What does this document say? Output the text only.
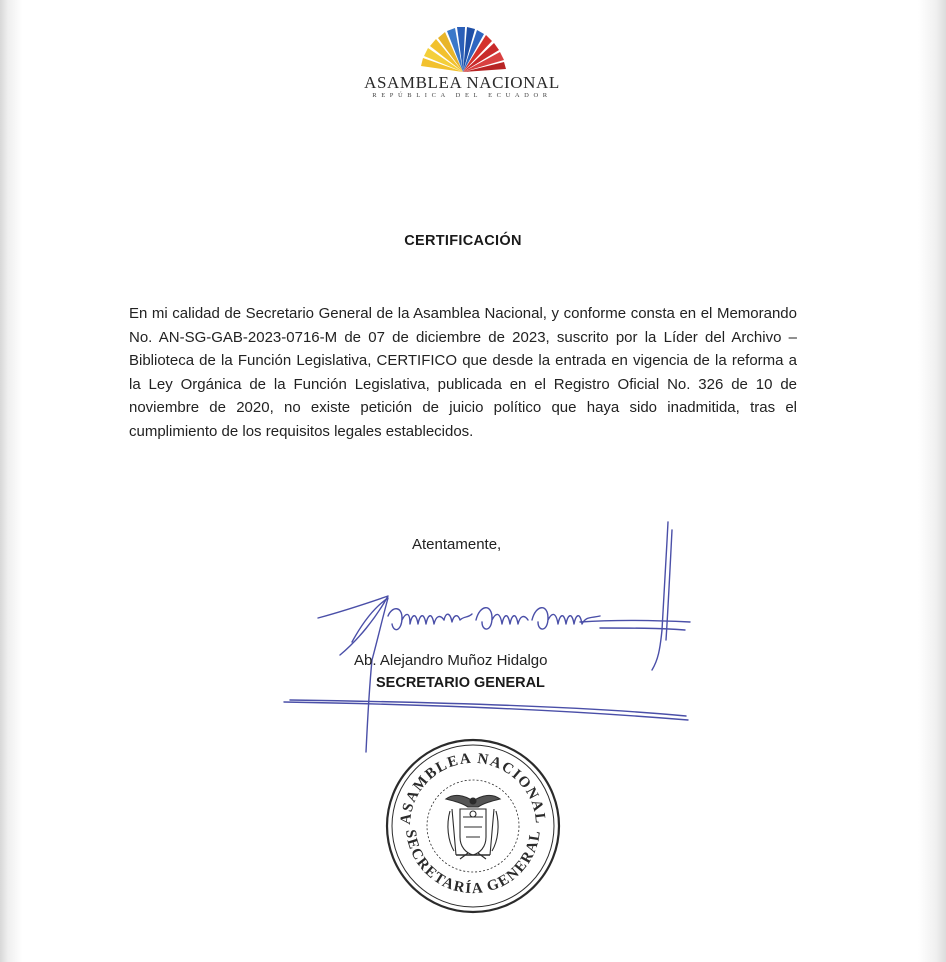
ASAMBLEA NACIONAL
REPÚBLICA DEL ECUADOR
CERTIFICACIÓN
En mi calidad de Secretario General de la Asamblea Nacional, y conforme consta en el Memorando No. AN-SG-GAB-2023-0716-M de 07 de diciembre de 2023, suscrito por la Líder del Archivo – Biblioteca de la Función Legislativa, CERTIFICO que desde la entrada en vigencia de la reforma a la Ley Orgánica de la Función Legislativa, publicada en el Registro Oficial No. 326 de 10 de noviembre de 2020, no existe petición de juicio político que haya sido inadmitida, tras el cumplimiento de los requisitos legales establecidos.
Atentamente,
Ab. Alejandro Muñoz Hidalgo
SECRETARIO GENERAL
ASAMBLEA NACIONAL
SECRETARÍA GENERAL
